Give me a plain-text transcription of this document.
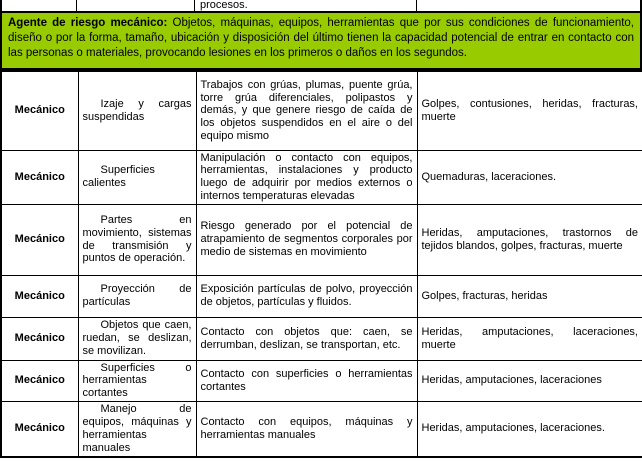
procesos.
Agente de riesgo mecánico: Objetos, máquinas, equipos, herramientas que por sus condiciones de funcionamiento, diseño o por la forma, tamaño, ubicación y disposición del último tienen la capacidad potencial de entrar en contacto con las personas o materiales, provocando lesiones en los primeros o daños en los segundos.
Mecánico	Izaje y cargas suspendidas	Trabajos con grúas, plumas, puente grúa, torre grúa diferenciales, polipastos y demás, y que genere riesgo de caída de los objetos suspendidos en el aire o del equipo mismo	Golpes, contusiones, heridas, fracturas, muerte
Mecánico	Superficies calientes	Manipulación o contacto con equipos, herramientas, instalaciones y producto luego de adquirir por medios externos o internos temperaturas elevadas	Quemaduras, laceraciones.
Mecánico	Partes en movimiento, sistemas de transmisión y puntos de operación.	Riesgo generado por el potencial de atrapamiento de segmentos corporales por medio de sistemas en movimiento	Heridas, amputaciones, trastornos de tejidos blandos, golpes, fracturas, muerte
Mecánico	Proyección de partículas	Exposición partículas de polvo, proyección de objetos, partículas y fluidos.	Golpes, fracturas, heridas
Mecánico	Objetos que caen, ruedan, se deslizan, se movilizan.	Contacto con objetos que: caen, se derrumban, deslizan, se transportan, etc.	Heridas, amputaciones, laceraciones, muerte
Mecánico	Superficies o herramientas cortantes	Contacto con superficies o herramientas cortantes	Heridas, amputaciones, laceraciones
Mecánico	Manejo de equipos, máquinas y herramientas manuales	Contacto con equipos, máquinas y herramientas manuales	Heridas, amputaciones, laceraciones.
